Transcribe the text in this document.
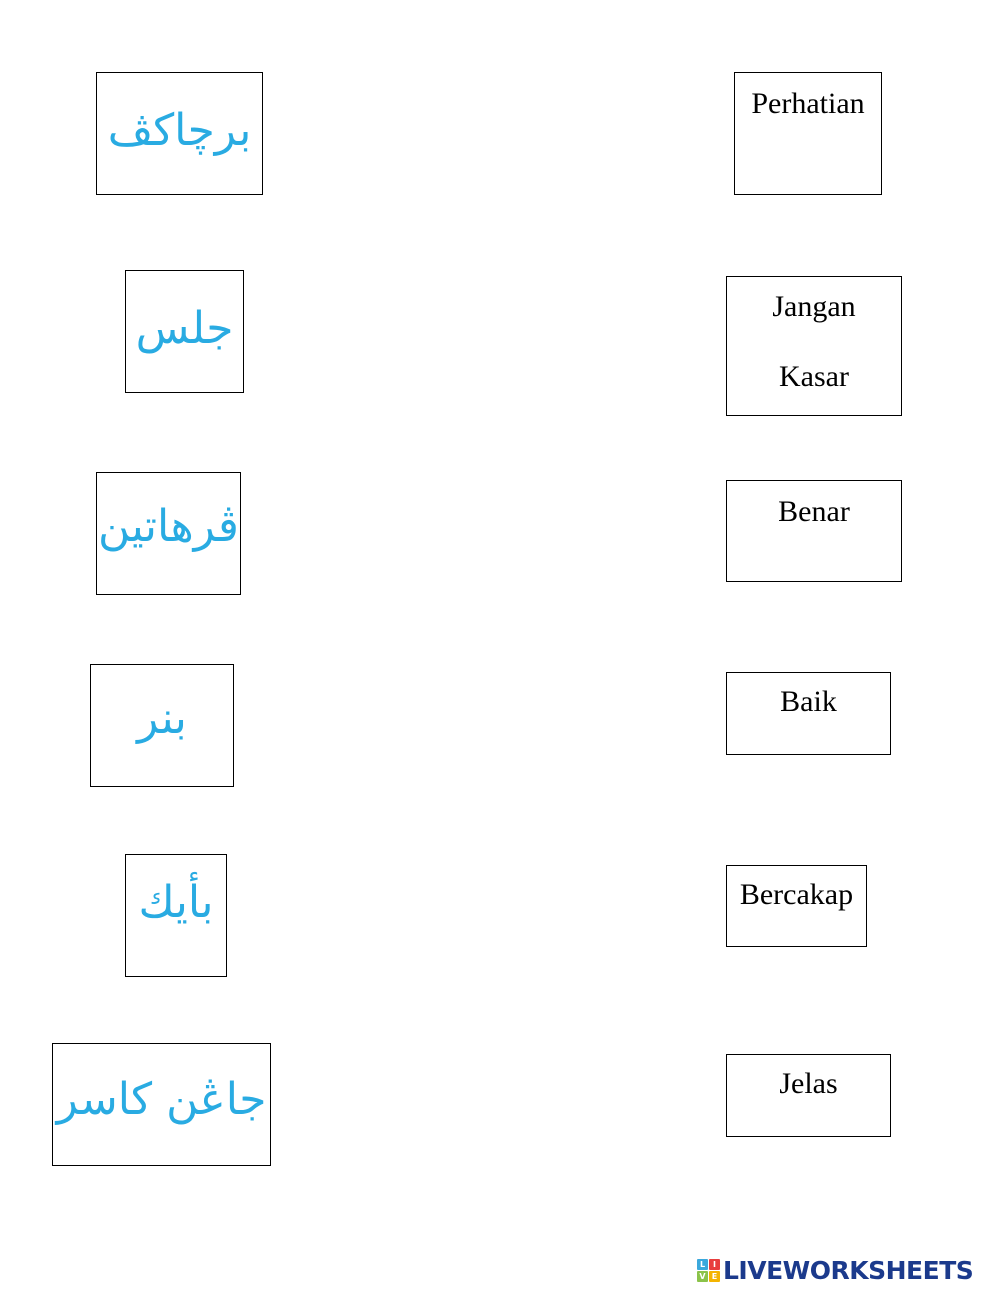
برچاكڤ
جلس
ڤرهاتين
بنر
بأيك
جاڠن كاسر
Perhatian
Jangan
Kasar
Benar
Baik
Bercakap
Jelas
L I
V E LIVEWORKSHEETS
